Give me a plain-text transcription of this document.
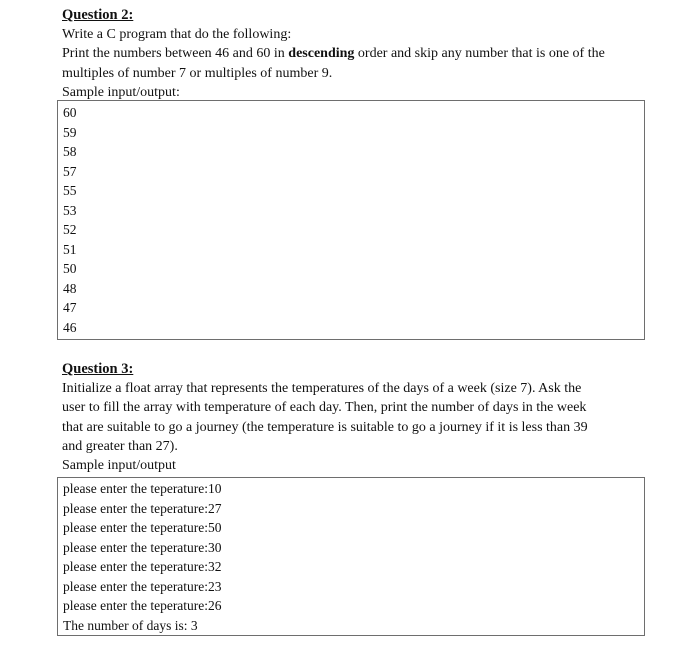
Question 2:
Write a C program that do the following:
Print the numbers between 46 and 60 in descending order and skip any number that is one of the
multiples of number 7 or multiples of number 9.
Sample input/output:
60
59
58
57
55
53
52
51
50
48
47
46
Question 3:
Initialize a float array that represents the temperatures of the days of a week (size 7). Ask the
user to fill the array with temperature of each day. Then, print the number of days in the week
that are suitable to go a journey (the temperature is suitable to go a journey if it is less than 39
and greater than 27).
Sample input/output
please enter the teperature:10
please enter the teperature:27
please enter the teperature:50
please enter the teperature:30
please enter the teperature:32
please enter the teperature:23
please enter the teperature:26
The number of days is: 3
